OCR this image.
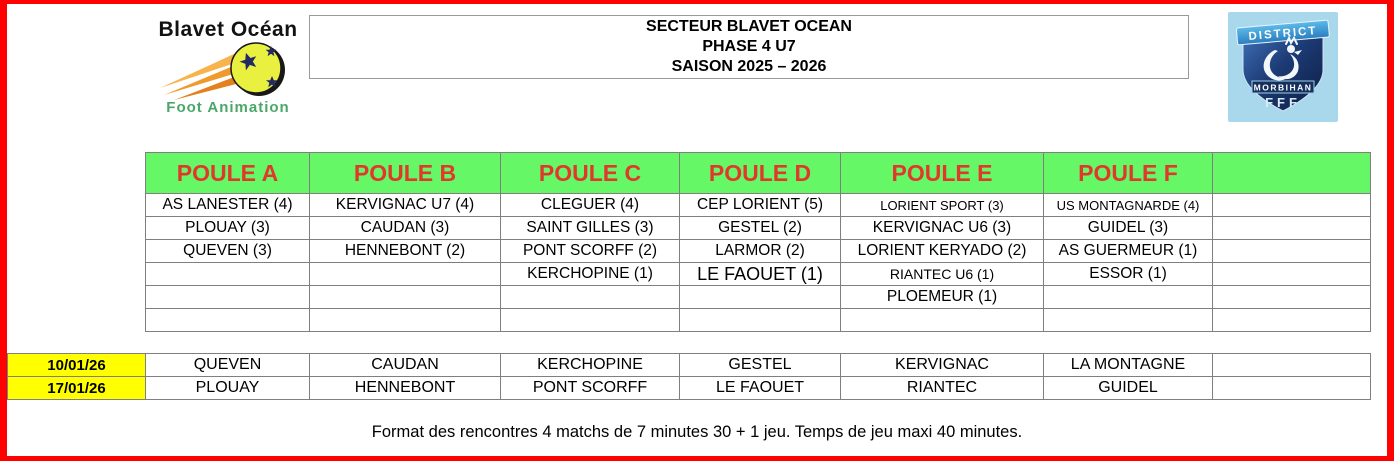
Blavet Océan
Foot Animation
SECTEUR BLAVET OCEAN
PHASE 4 U7
SAISON 2025 – 2026
DISTRICT
MORBIHAN
FFF
POULE A	POULE B	POULE C	POULE D	POULE E	POULE F	
AS LANESTER (4)	KERVIGNAC U7 (4)	CLEGUER (4)	CEP LORIENT (5)	LORIENT SPORT (3)	US MONTAGNARDE (4)	
PLOUAY (3)	CAUDAN (3)	SAINT GILLES (3)	GESTEL (2)	KERVIGNAC U6 (3)	GUIDEL (3)	
QUEVEN (3)	HENNEBONT (2)	PONT SCORFF (2)	LARMOR (2)	LORIENT KERYADO (2)	AS GUERMEUR (1)	
		KERCHOPINE (1)	LE FAOUET (1)	RIANTEC U6 (1)	ESSOR (1)	
				PLOEMEUR (1)		

10/01/26	QUEVEN	CAUDAN	KERCHOPINE	GESTEL	KERVIGNAC	LA MONTAGNE	
17/01/26	PLOUAY	HENNEBONT	PONT SCORFF	LE FAOUET	RIANTEC	GUIDEL	
Format des rencontres 4 matchs de 7 minutes 30 + 1 jeu. Temps de jeu maxi 40 minutes.
